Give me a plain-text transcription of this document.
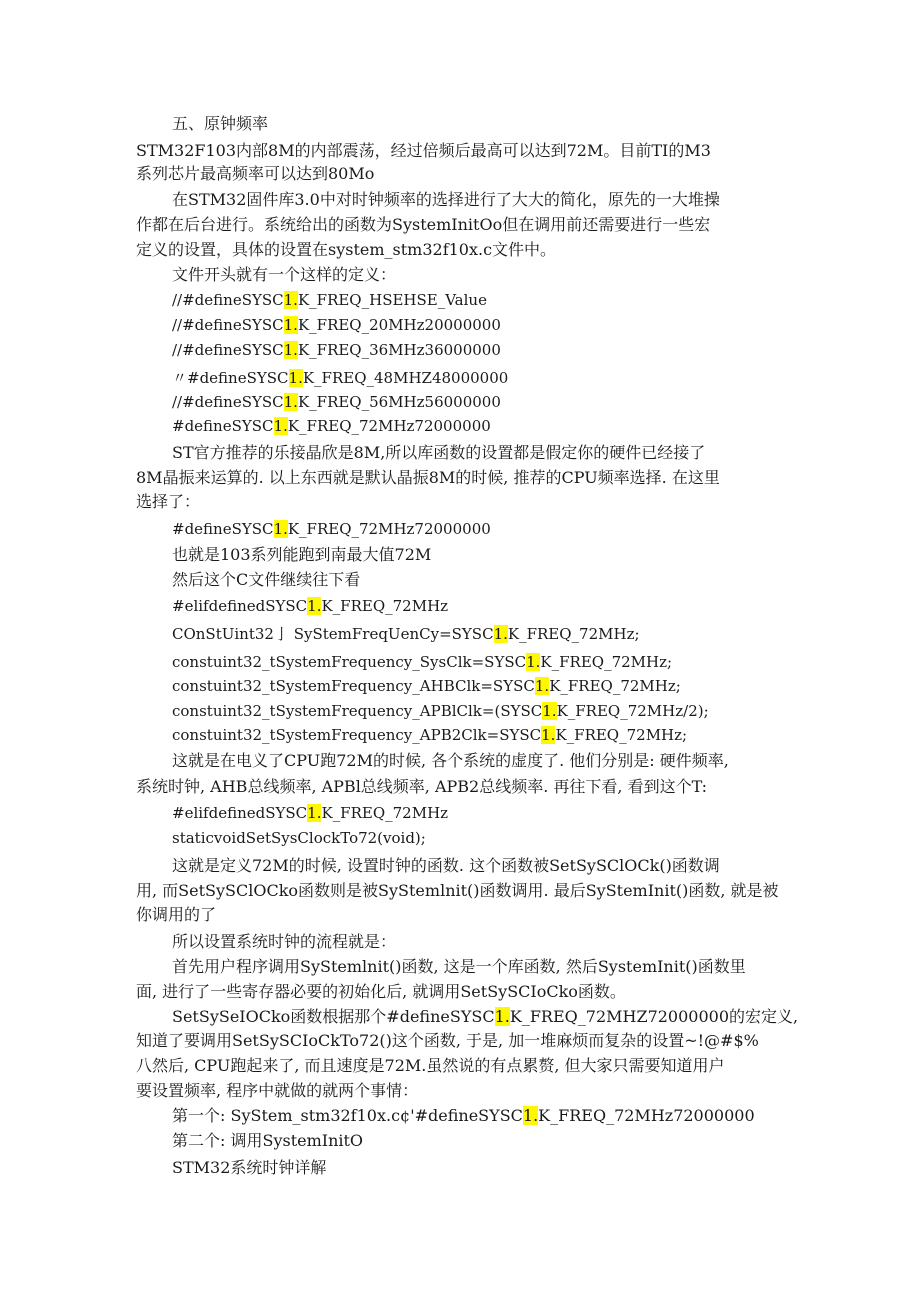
五、原钟频率
STM32F103内部8M的内部震荡，经过倍频后最高可以达到72M。目前TI的M3
系列芯片最高频率可以达到80Mo
在STM32固件库3.0中对时钟频率的选择进行了大大的简化，原先的一大堆操
作都在后台进行。系统给出的函数为SystemInitOo但在调用前还需要进行一些宏
定义的设置，具体的设置在system_stm32f10x.c文件中。
文件开头就有一个这样的定义：
//#defineSYSC1.K_FREQ_HSEHSE_Value
//#defineSYSC1.K_FREQ_20MHz20000000
//#defineSYSC1.K_FREQ_36MHz36000000
〃#defineSYSC1.K_FREQ_48MHZ48000000
//#defineSYSC1.K_FREQ_56MHz56000000
#defineSYSC1.K_FREQ_72MHz72000000
ST官方推荐的乐接晶欣是8M,所以库函数的设置都是假定你的硬件已经接了
8M晶振来运算的. 以上东西就是默认晶振8M的时候, 推荐的CPU频率选择. 在这里
选择了：
#defineSYSC1.K_FREQ_72MHz72000000
也就是103系列能跑到南最大值72M
然后这个C文件继续往下看
#elifdefinedSYSC1.K_FREQ_72MHz
COnStUint32亅 SyStemFreqUenCy=SYSC1.K_FREQ_72MHz;
constuint32_tSystemFrequency_SysClk=SYSC1.K_FREQ_72MHz;
constuint32_tSystemFrequency_AHBClk=SYSC1.K_FREQ_72MHz;
constuint32_tSystemFrequency_APBlClk=(SYSC1.K_FREQ_72MHz/2);
constuint32_tSystemFrequency_APB2Clk=SYSC1.K_FREQ_72MHz;
这就是在电义了CPU跑72M的时候, 各个系统的虚度了. 他们分别是: 硬件频率,
系统时钟, AHB总线频率, APBl总线频率, APB2总线频率. 再往下看, 看到这个T:
#elifdefinedSYSC1.K_FREQ_72MHz
staticvoidSetSysClockTo72(void);
这就是定义72M的时候, 设置时钟的函数. 这个函数被SetSySClOCk()函数调
用, 而SetSySClOCko函数则是被SyStemlnit()函数调用. 最后SyStemInit()函数, 就是被
你调用的了
所以设置系统时钟的流程就是：
首先用户程序调用SyStemlnit()函数, 这是一个库函数, 然后SystemInit()函数里
面, 进行了一些寄存器必要的初始化后, 就调用SetSySCIoCko函数。
SetSySeIOCko函数根据那个#defineSYSC1.K_FREQ_72MHZ72000000的宏定义,
知道了要调用SetSySCIoCkTo72()这个函数, 于是, 加一堆麻烦而复杂的设置~!@#$%
八然后, CPU跑起来了, 而且速度是72M.虽然说的有点累赘, 但大家只需要知道用户
要设置频率, 程序中就做的就两个事情：
第一个: SyStem_stm32f10x.c¢'#defineSYSC1.K_FREQ_72MHz72000000
第二个: 调用SystemInitO
STM32系统时钟详解
